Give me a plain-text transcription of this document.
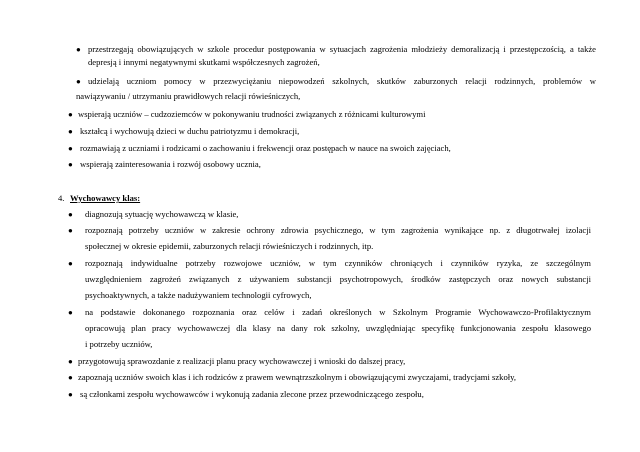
● przestrzegają obowiązujących w szkole procedur postępowania w sytuacjach zagrożenia młodzieży demoralizacją i przestępczością, a także
depresją i innymi negatywnymi skutkami współczesnych zagrożeń,
● udzielają uczniom pomocy w przezwyciężaniu niepowodzeń szkolnych, skutków zaburzonych relacji rodzinnych, problemów w
nawiązywaniu / utrzymaniu prawidłowych relacji rówieśniczych,
● wspierają uczniów – cudzoziemców w pokonywaniu trudności związanych z różnicami kulturowymi
● kształcą i wychowują dzieci w duchu patriotyzmu i demokracji,
● rozmawiają z uczniami i rodzicami o zachowaniu i frekwencji oraz postępach w nauce na swoich zajęciach,
● wspierają zainteresowania i rozwój osobowy ucznia,
4. Wychowawcy klas:
● diagnozują sytuację wychowawczą w klasie,
● rozpoznają potrzeby uczniów w zakresie ochrony zdrowia psychicznego, w tym zagrożenia wynikające np. z długotrwałej izolacji
społecznej w okresie epidemii, zaburzonych relacji rówieśniczych i rodzinnych, itp.
● rozpoznają indywidualne potrzeby rozwojowe uczniów, w tym czynników chroniących i czynników ryzyka, ze szczególnym
uwzględnieniem zagrożeń związanych z używaniem substancji psychotropowych, środków zastępczych oraz nowych substancji
psychoaktywnych, a także nadużywaniem technologii cyfrowych,
● na podstawie dokonanego rozpoznania oraz celów i zadań określonych w Szkolnym Programie Wychowawczo-Profilaktycznym
opracowują plan pracy wychowawczej dla klasy na dany rok szkolny, uwzględniając specyfikę funkcjonowania zespołu klasowego
i potrzeby uczniów,
● przygotowują sprawozdanie z realizacji planu pracy wychowawczej i wnioski do dalszej pracy,
● zapoznają uczniów swoich klas i ich rodziców z prawem wewnątrzszkolnym i obowiązującymi zwyczajami, tradycjami szkoły,
● są członkami zespołu wychowawców i wykonują zadania zlecone przez przewodniczącego zespołu,
